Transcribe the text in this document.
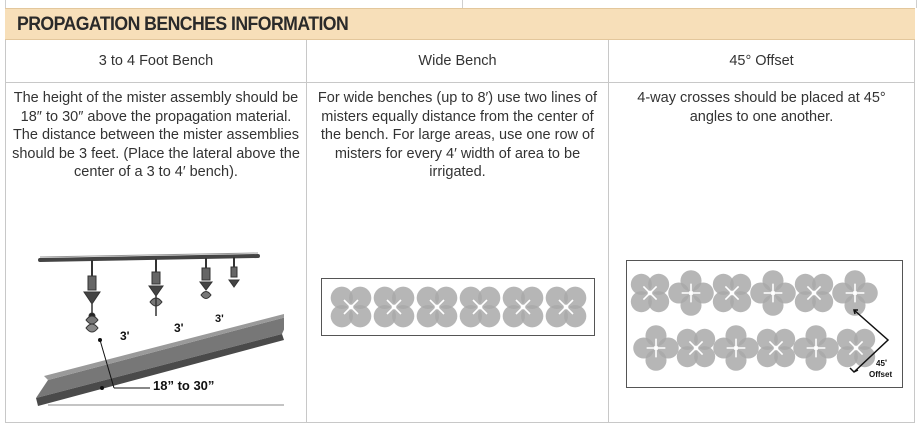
PROPAGATION BENCHES INFORMATION
3 to 4 Foot Bench
The height of the mister assembly should be 18″ to 30″ above the propagation material. The distance between the mister assemblies should be 3 feet. (Place the lateral above the center of a 3 to 4′ bench).
3'
3'
3'
18” to 30”
Wide Bench
For wide benches (up to 8′) use two lines of misters equally distance from the center of the bench. For large areas, use one row of misters for every 4′ width of area to be irrigated.
45° Offset
4-way crosses should be placed at 45° angles to one another.
45˚
Offset
